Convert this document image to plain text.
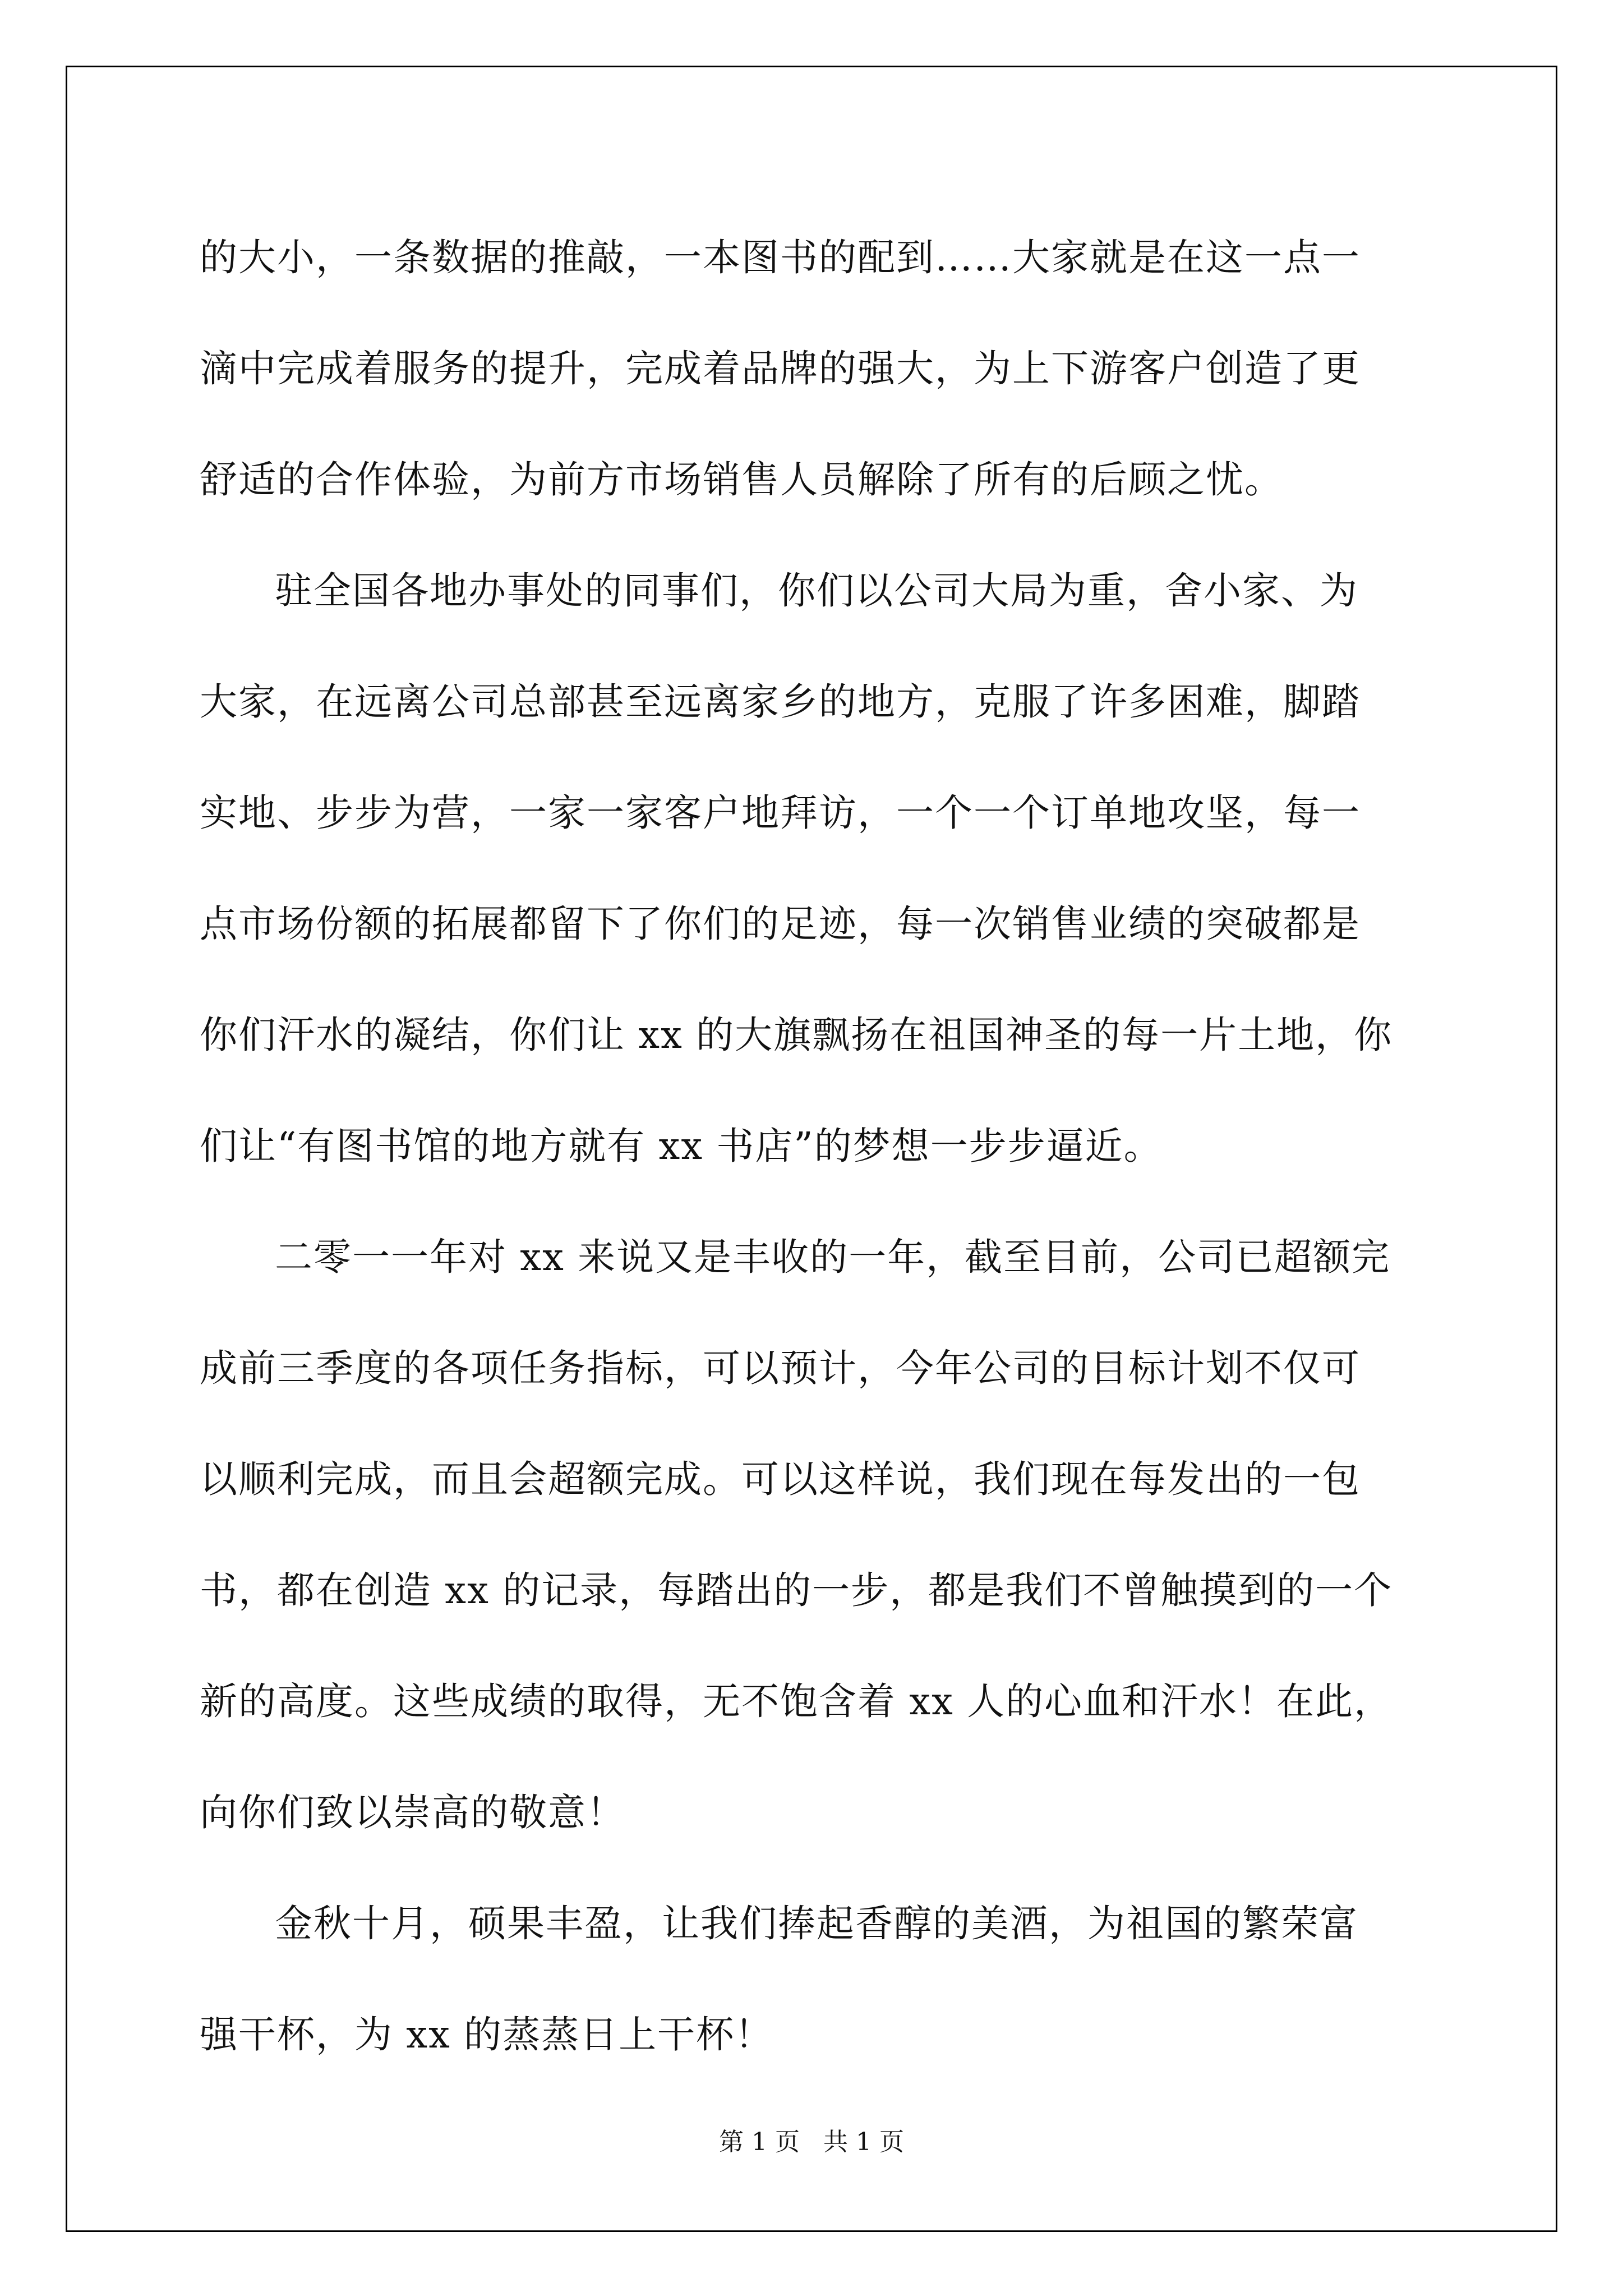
的大小，一条数据的推敲，一本图书的配到……大家就是在这一点一
滴中完成着服务的提升，完成着品牌的强大，为上下游客户创造了更
舒适的合作体验，为前方市场销售人员解除了所有的后顾之忧。

驻全国各地办事处的同事们，你们以公司大局为重，舍小家、为
大家，在远离公司总部甚至远离家乡的地方，克服了许多困难，脚踏
实地、步步为营，一家一家客户地拜访，一个一个订单地攻坚，每一
点市场份额的拓展都留下了你们的足迹，每一次销售业绩的突破都是
你们汗水的凝结，你们让 xx 的大旗飘扬在祖国神圣的每一片土地，你
们让“有图书馆的地方就有 xx 书店”的梦想一步步逼近。

二零一一年对 xx 来说又是丰收的一年，截至目前，公司已超额完
成前三季度的各项任务指标，可以预计，今年公司的目标计划不仅可
以顺利完成，而且会超额完成。可以这样说，我们现在每发出的一包
书，都在创造 xx 的记录，每踏出的一步，都是我们不曾触摸到的一个
新的高度。这些成绩的取得，无不饱含着 xx 人的心血和汗水！在此，
向你们致以崇高的敬意！

金秋十月，硕果丰盈，让我们捧起香醇的美酒，为祖国的繁荣富
强干杯，为 xx 的蒸蒸日上干杯！

第 1 页   共 1 页
